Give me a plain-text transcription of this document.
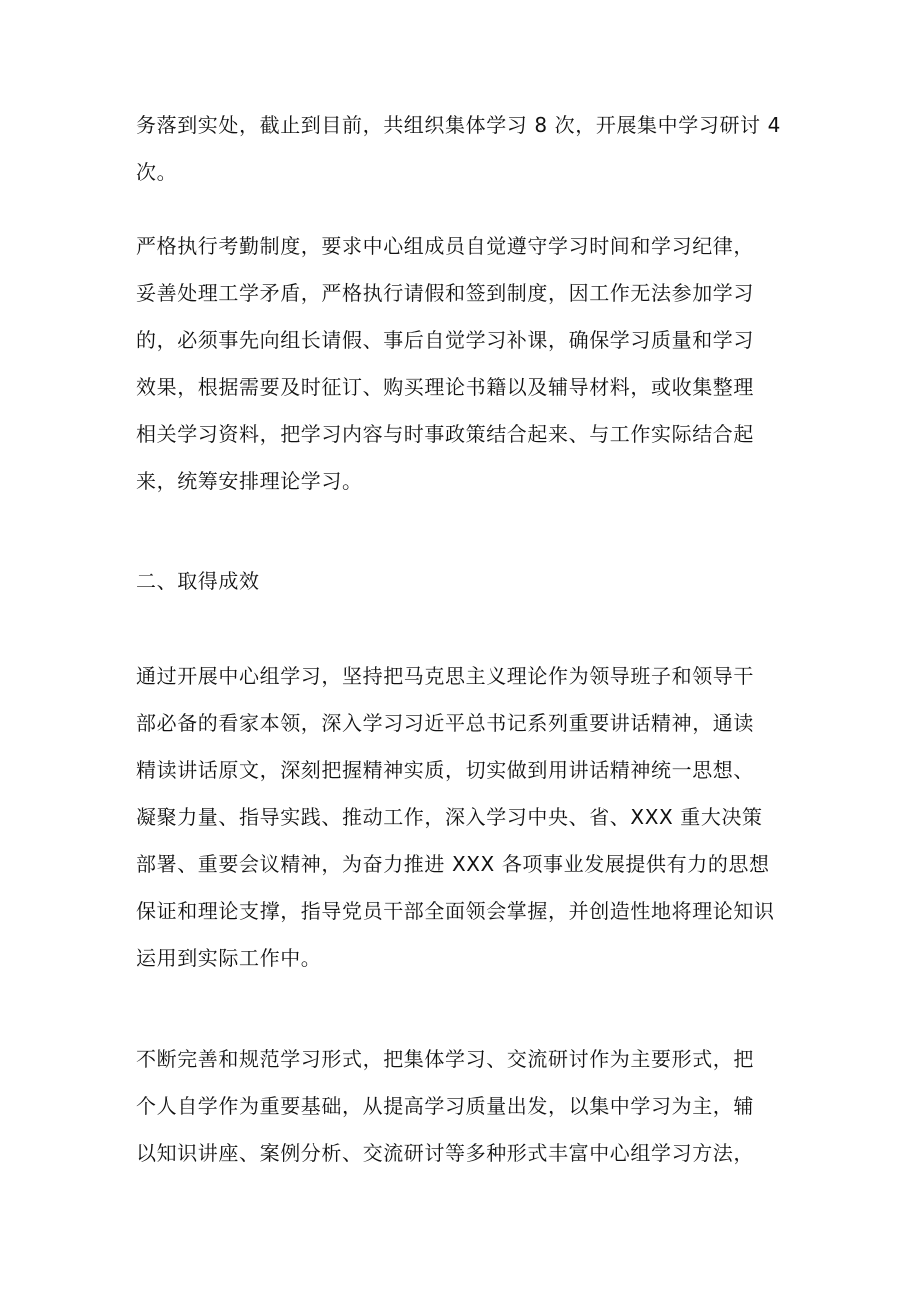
务落到实处，截止到目前，共组织集体学习 8 次，开展集中学习研讨 4
次。

严格执行考勤制度，要求中心组成员自觉遵守学习时间和学习纪律，
妥善处理工学矛盾，严格执行请假和签到制度，因工作无法参加学习
的，必须事先向组长请假、事后自觉学习补课，确保学习质量和学习
效果，根据需要及时征订、购买理论书籍以及辅导材料，或收集整理
相关学习资料，把学习内容与时事政策结合起来、与工作实际结合起
来，统筹安排理论学习。

二、取得成效

通过开展中心组学习，坚持把马克思主义理论作为领导班子和领导干
部必备的看家本领，深入学习习近平总书记系列重要讲话精神，通读
精读讲话原文，深刻把握精神实质，切实做到用讲话精神统一思想、
凝聚力量、指导实践、推动工作，深入学习中央、省、XXX 重大决策
部署、重要会议精神，为奋力推进 XXX 各项事业发展提供有力的思想
保证和理论支撑，指导党员干部全面领会掌握，并创造性地将理论知识
运用到实际工作中。

不断完善和规范学习形式，把集体学习、交流研讨作为主要形式，把
个人自学作为重要基础，从提高学习质量出发，以集中学习为主，辅
以知识讲座、案例分析、交流研讨等多种形式丰富中心组学习方法，
